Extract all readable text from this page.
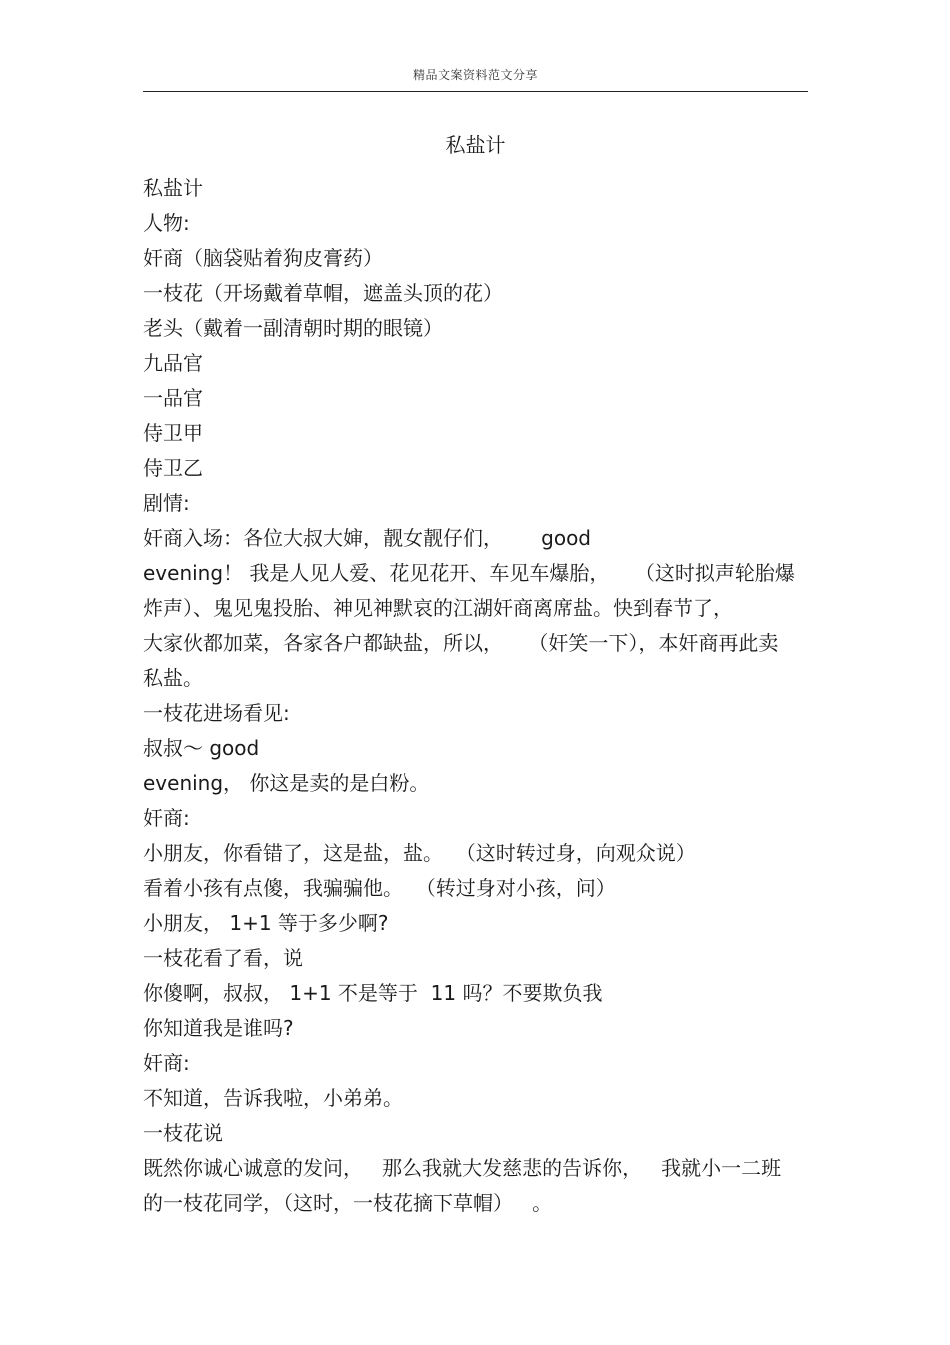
精品文案资料范文分享
私盐计
私盐计
人物:
奸商（脑袋贴着狗皮膏药）
一枝花（开场戴着草帽，遮盖头顶的花）
老头（戴着一副清朝时期的眼镜）
九品官
一品官
侍卫甲
侍卫乙
剧情:
奸商入场：各位大叔大婶，靓女靓仔们，      good
evening！ 我是人见人爱、花见花开、车见车爆胎，    （这时拟声轮胎爆
炸声）、鬼见鬼投胎、神见神默哀的江湖奸商离席盐。快到春节了，
大家伙都加菜，各家各户都缺盐，所以，    （奸笑一下），本奸商再此卖
私盐。
一枝花进场看见:
叔叔～ good
evening， 你这是卖的是白粉。
奸商:
小朋友，你看错了，这是盐，盐。  （这时转过身，向观众说）
看着小孩有点傻，我骗骗他。  （转过身对小孩，问）
小朋友， 1+1 等于多少啊?
一枝花看了看，说
你傻啊，叔叔， 1+1 不是等于  11 吗？不要欺负我
你知道我是谁吗?
奸商:
不知道，告诉我啦，小弟弟。
一枝花说
既然你诚心诚意的发问，   那么我就大发慈悲的告诉你，   我就小一二班
的一枝花同学，（这时，一枝花摘下草帽）   。
